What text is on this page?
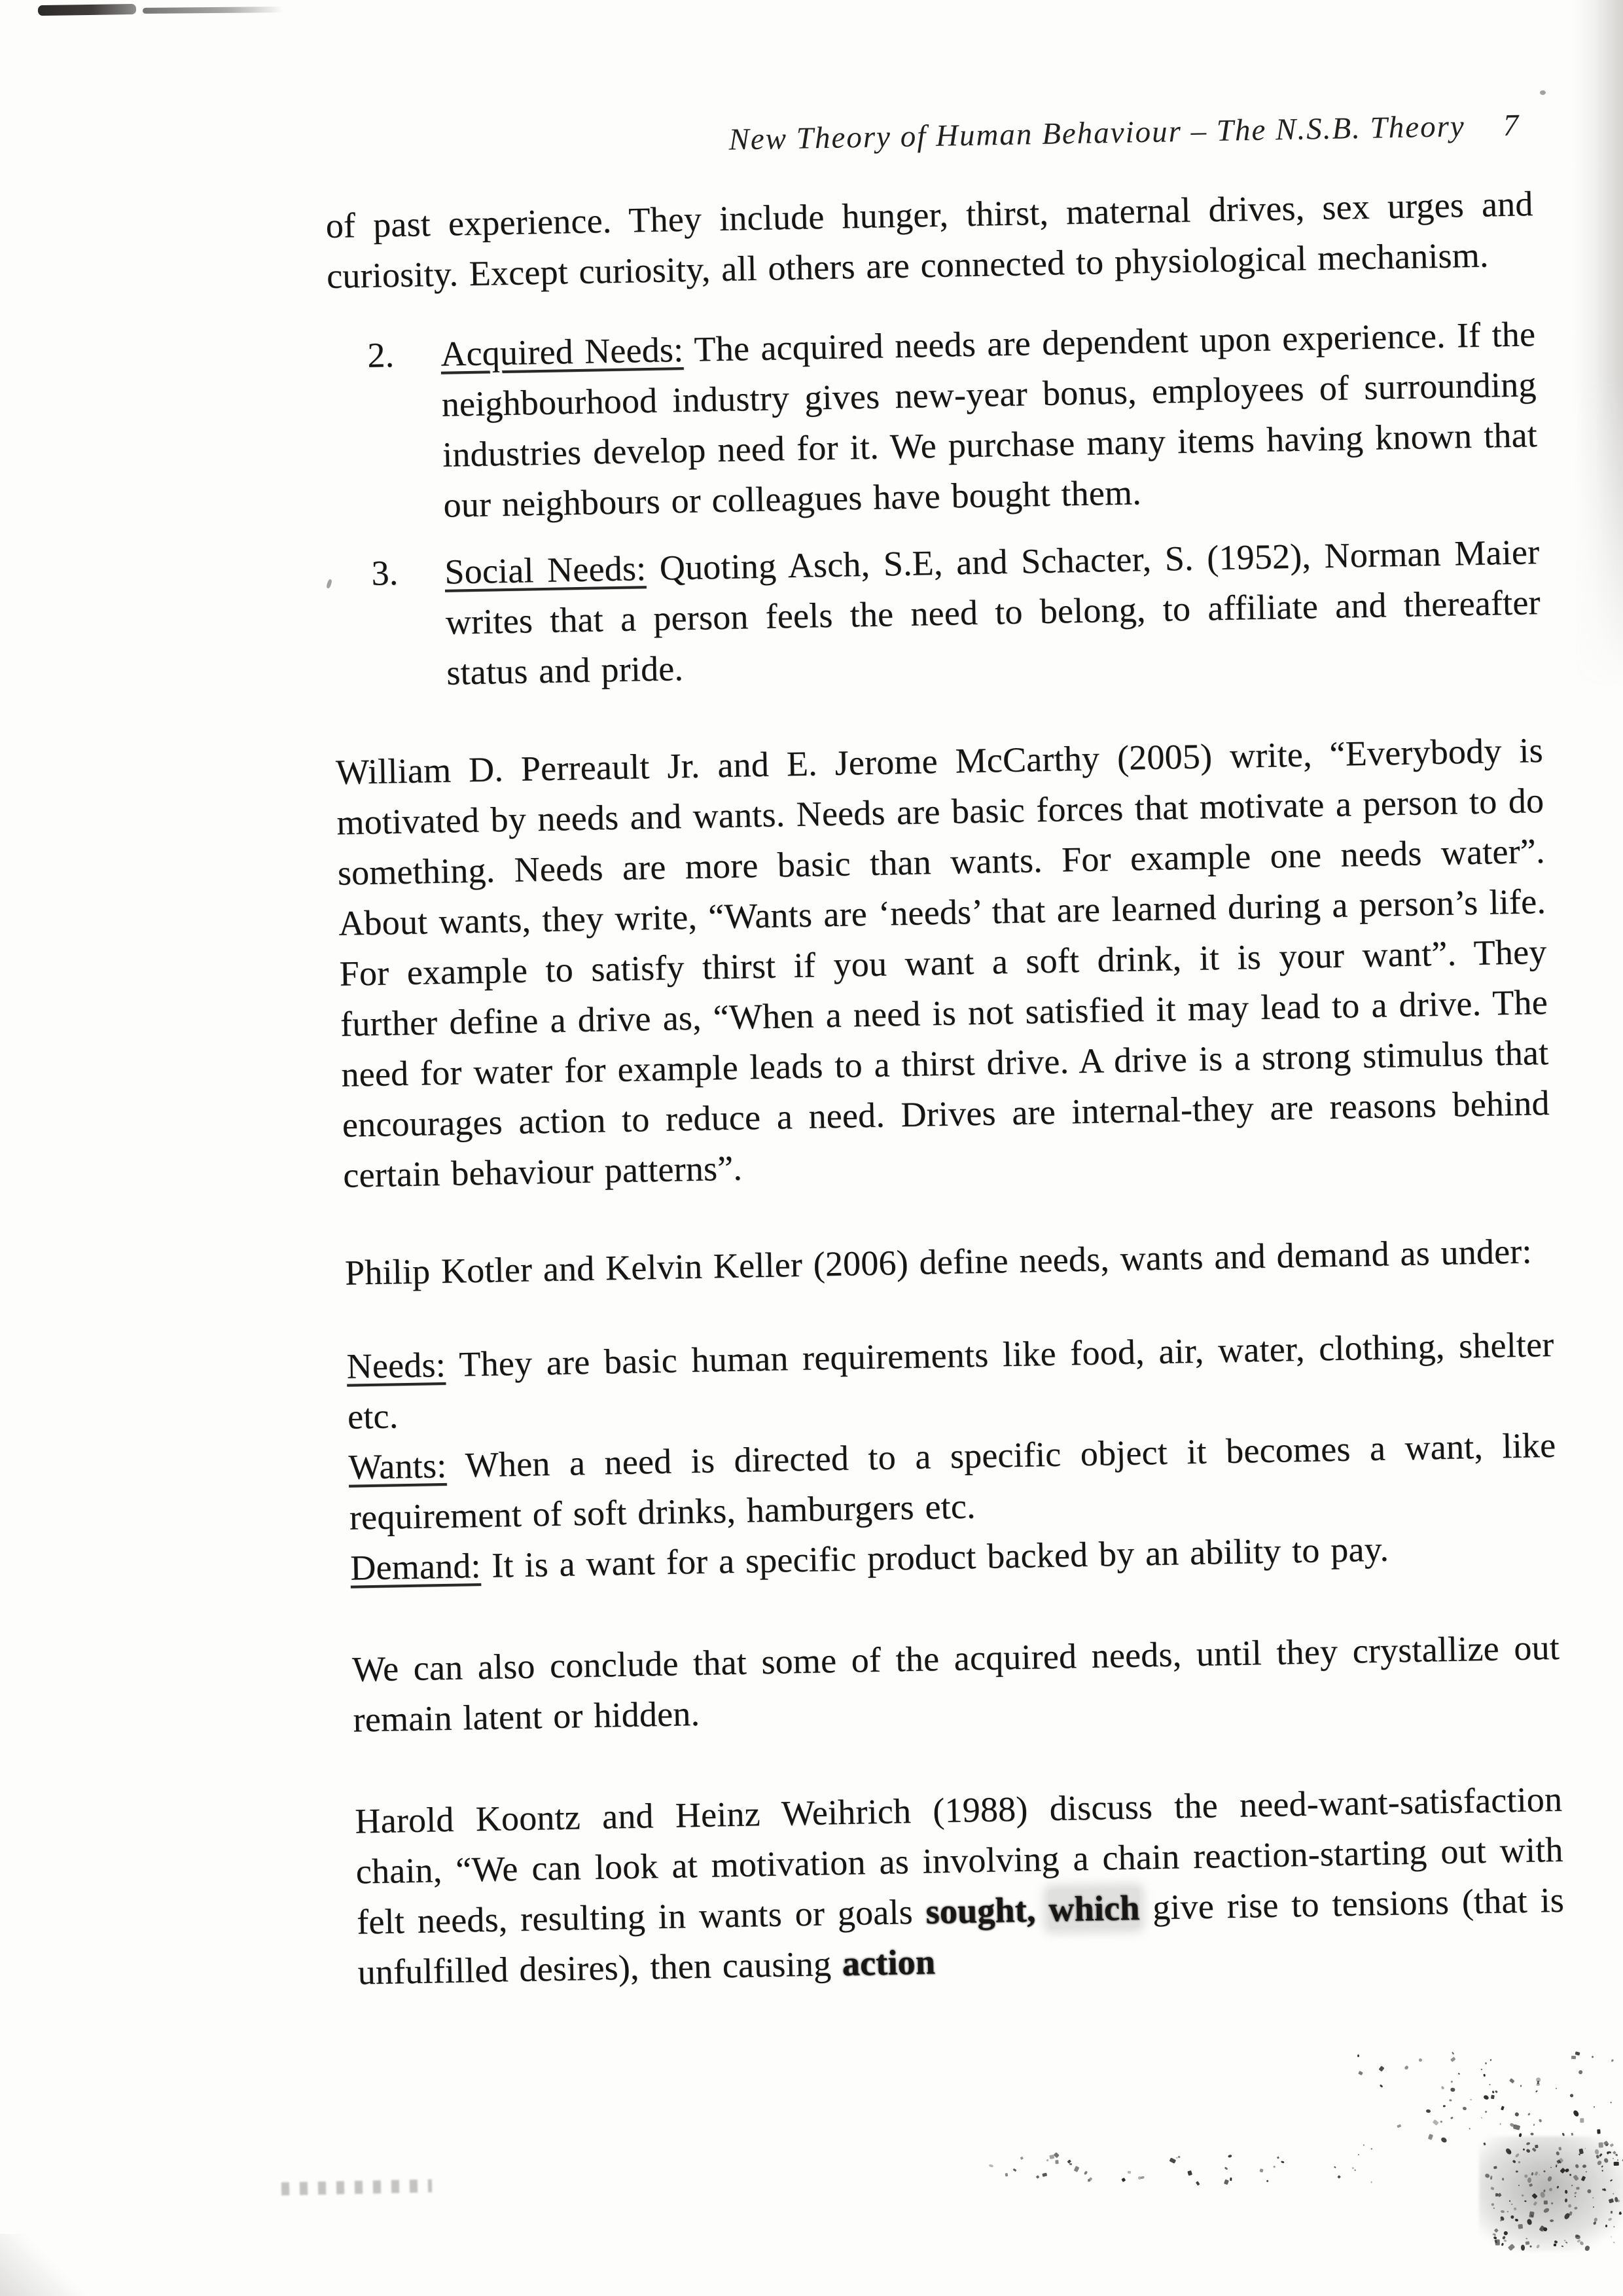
New Theory of Human Behaviour – The N.S.B. Theory 7

of past experience. They include hunger, thirst, maternal drives, sex urges and curiosity. Except curiosity, all others are connected to physiological mechanism.

2. Acquired Needs: The acquired needs are dependent upon experience. If the neighbourhood industry gives new-year bonus, employees of surrounding industries develop need for it. We purchase many items having known that our neighbours or colleagues have bought them.

3. Social Needs: Quoting Asch, S.E, and Schacter, S. (1952), Norman Maier writes that a person feels the need to belong, to affiliate and thereafter status and pride.

William D. Perreault Jr. and E. Jerome McCarthy (2005) write, “Everybody is motivated by needs and wants. Needs are basic forces that motivate a person to do something. Needs are more basic than wants. For example one needs water”. About wants, they write, “Wants are ‘needs’ that are learned during a person’s life. For example to satisfy thirst if you want a soft drink, it is your want”. They further define a drive as, “When a need is not satisfied it may lead to a drive. The need for water for example leads to a thirst drive. A drive is a strong stimulus that encourages action to reduce a need. Drives are internal-they are reasons behind certain behaviour patterns”.

Philip Kotler and Kelvin Keller (2006) define needs, wants and demand as under:

Needs: They are basic human requirements like food, air, water, clothing, shelter etc.

Wants: When a need is directed to a specific object it becomes a want, like requirement of soft drinks, hamburgers etc.

Demand: It is a want for a specific product backed by an ability to pay.

We can also conclude that some of the acquired needs, until they crystallize out remain latent or hidden.

Harold Koontz and Heinz Weihrich (1988) discuss the need-want-satisfaction chain, “We can look at motivation as involving a chain reaction-starting out with felt needs, resulting in wants or goals sought, which give rise to tensions (that is unfulfilled desires), then causing action
